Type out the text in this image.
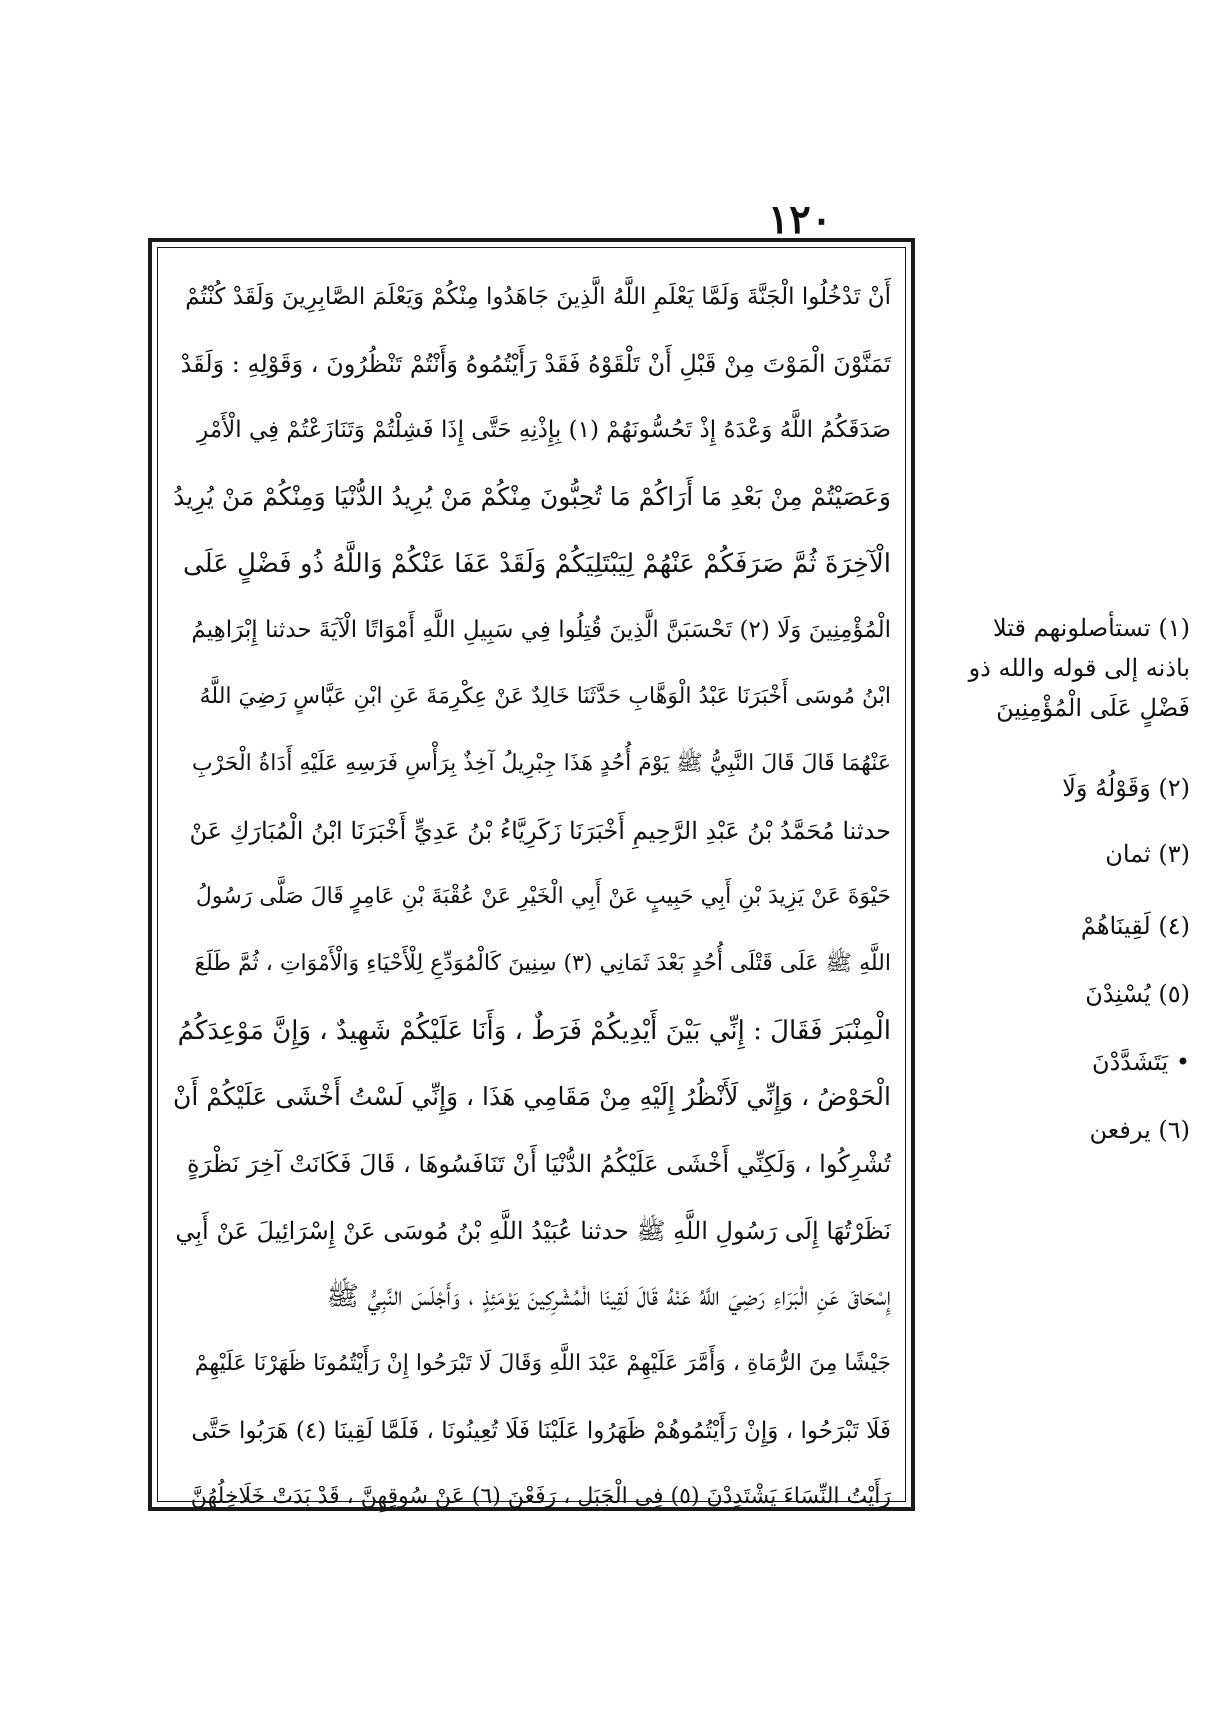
١٢٠
أَنْ تَدْخُلُوا الْجَنَّةَ وَلَمَّا يَعْلَمِ اللَّهُ الَّذِينَ جَاهَدُوا مِنْكُمْ وَيَعْلَمَ الصَّابِرِينَ وَلَقَدْ كُنْتُمْ
تَمَنَّوْنَ الْمَوْتَ مِنْ قَبْلِ أَنْ تَلْقَوْهُ فَقَدْ رَأَيْتُمُوهُ وَأَنْتُمْ تَنْظُرُونَ ، وَقَوْلِهِ : وَلَقَدْ
صَدَقَكُمُ اللَّهُ وَعْدَهُ إِذْ تَحُسُّونَهُمْ (١) بِإِذْنِهِ حَتَّى إِذَا فَشِلْتُمْ وَتَنَازَعْتُمْ فِي الْأَمْرِ
وَعَصَيْتُمْ مِنْ بَعْدِ مَا أَرَاكُمْ مَا تُحِبُّونَ مِنْكُمْ مَنْ يُرِيدُ الدُّنْيَا وَمِنْكُمْ مَنْ يُرِيدُ
الْآخِرَةَ ثُمَّ صَرَفَكُمْ عَنْهُمْ لِيَبْتَلِيَكُمْ وَلَقَدْ عَفَا عَنْكُمْ وَاللَّهُ ذُو فَضْلٍ عَلَى
الْمُؤْمِنِينَ وَلَا (٢) تَحْسَبَنَّ الَّذِينَ قُتِلُوا فِي سَبِيلِ اللَّهِ أَمْوَاتًا الْآيَةَ حدثنا إِبْرَاهِيمُ
ابْنُ مُوسَى أَخْبَرَنَا عَبْدُ الْوَهَّابِ حَدَّثَنَا خَالِدٌ عَنْ عِكْرِمَةَ عَنِ ابْنِ عَبَّاسٍ رَضِيَ اللَّهُ
عَنْهُمَا قَالَ قَالَ النَّبِيُّ ﷺ يَوْمَ أُحُدٍ هَذَا جِبْرِيلُ آخِذٌ بِرَأْسِ فَرَسِهِ عَلَيْهِ أَدَاةُ الْحَرْبِ
حدثنا مُحَمَّدُ بْنُ عَبْدِ الرَّحِيمِ أَخْبَرَنَا زَكَرِيَّاءُ بْنُ عَدِيٍّ أَخْبَرَنَا ابْنُ الْمُبَارَكِ عَنْ
حَيْوَةَ عَنْ يَزِيدَ بْنِ أَبِي حَبِيبٍ عَنْ أَبِي الْخَيْرِ عَنْ عُقْبَةَ بْنِ عَامِرٍ قَالَ صَلَّى رَسُولُ
اللَّهِ ﷺ عَلَى قَتْلَى أُحُدٍ بَعْدَ ثَمَانِي (٣) سِنِينَ كَالْمُوَدِّعِ لِلْأَحْيَاءِ وَالْأَمْوَاتِ ، ثُمَّ طَلَعَ
الْمِنْبَرَ فَقَالَ : إِنِّي بَيْنَ أَيْدِيكُمْ فَرَطٌ ، وَأَنَا عَلَيْكُمْ شَهِيدٌ ، وَإِنَّ مَوْعِدَكُمُ
الْحَوْضُ ، وَإِنِّي لَأَنْظُرُ إِلَيْهِ مِنْ مَقَامِي هَذَا ، وَإِنِّي لَسْتُ أَخْشَى عَلَيْكُمْ أَنْ
تُشْرِكُوا ، وَلَكِنِّي أَخْشَى عَلَيْكُمُ الدُّنْيَا أَنْ تَنَافَسُوهَا ، قَالَ فَكَانَتْ آخِرَ نَظْرَةٍ
نَظَرْتُهَا إِلَى رَسُولِ اللَّهِ ﷺ حدثنا عُبَيْدُ اللَّهِ بْنُ مُوسَى عَنْ إِسْرَائِيلَ عَنْ أَبِي
إِسْحَاقَ عَنِ الْبَرَاءِ رَضِيَ اللَّهُ عَنْهُ قَالَ لَقِينَا الْمُشْرِكِينَ يَوْمَئِذٍ ، وَأَجْلَسَ النَّبِيُّ ﷺ
جَيْشًا مِنَ الرُّمَاةِ ، وَأَمَّرَ عَلَيْهِمْ عَبْدَ اللَّهِ وَقَالَ لَا تَبْرَحُوا إِنْ رَأَيْتُمُونَا ظَهَرْنَا عَلَيْهِمْ
فَلَا تَبْرَحُوا ، وَإِنْ رَأَيْتُمُوهُمْ ظَهَرُوا عَلَيْنَا فَلَا تُعِينُونَا ، فَلَمَّا لَقِينَا (٤) هَرَبُوا حَتَّى
رَأَيْتُ النِّسَاءَ يَشْتَدِدْنَ (٥) فِي الْجَبَلِ ، رَفَعْنَ (٦) عَنْ سُوقِهِنَّ ، قَدْ بَدَتْ خَلَاخِلُهُنَّ
(١) تستأصلونهم قتلا
باذنه إلى قوله والله ذو
فَضْلٍ عَلَى الْمُؤْمِنِينَ
(٢) وَقَوْلُهُ وَلَا
(٣) ثمان
(٤) لَقِينَاهُمْ
(٥) يُسْنِدْنَ
• يَتَشَدَّدْنَ
(٦) يرفعن
